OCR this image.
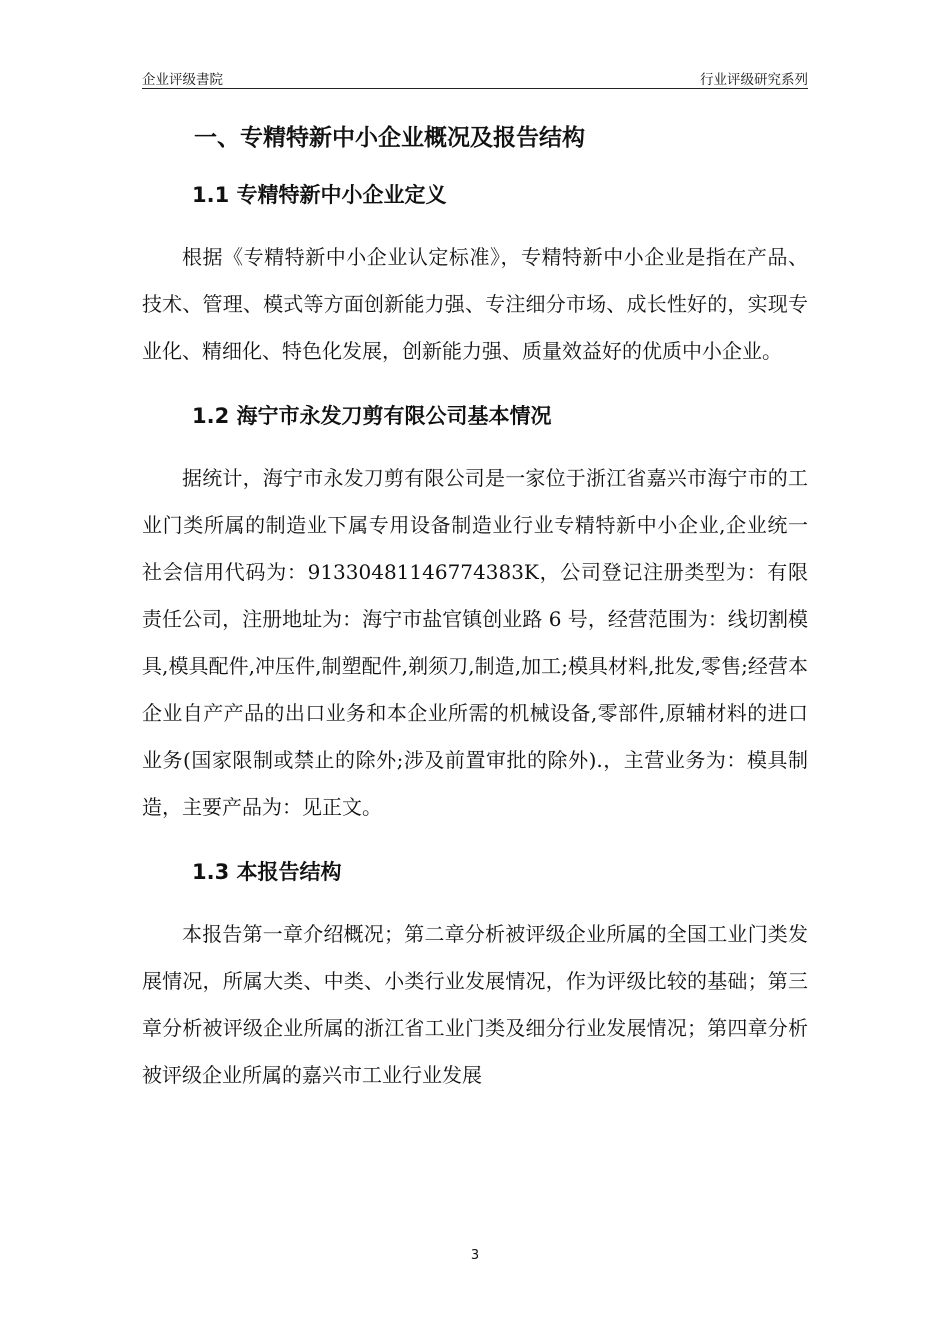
企业评级書院	行业评级研究系列
一、专精特新中小企业概况及报告结构
1.1 专精特新中小企业定义

根据《专精特新中小企业认定标准》，专精特新中小企业是指在产品、技术、管理、模式等方面创新能力强、专注细分市场、成长性好的，实现专业化、精细化、特色化发展，创新能力强、质量效益好的优质中小企业。

1.2 海宁市永发刀剪有限公司基本情况

据统计，海宁市永发刀剪有限公司是一家位于浙江省嘉兴市海宁市的工业门类所属的制造业下属专用设备制造业行业专精特新中小企业,企业统一社会信用代码为：91330481146774383K，公司登记注册类型为：有限责任公司，注册地址为：海宁市盐官镇创业路 6 号，经营范围为：线切割模具,模具配件,冲压件,制塑配件,剃须刀,制造,加工;模具材料,批发,零售;经营本企业自产产品的出口业务和本企业所需的机械设备,零部件,原辅材料的进口业务(国家限制或禁止的除外;涉及前置审批的除外).，主营业务为：模具制造，主要产品为：见正文。

1.3 本报告结构

本报告第一章介绍概况；第二章分析被评级企业所属的全国工业门类发展情况，所属大类、中类、小类行业发展情况，作为评级比较的基础；第三章分析被评级企业所属的浙江省工业门类及细分行业发展情况；第四章分析被评级企业所属的嘉兴市工业行业发展

3
